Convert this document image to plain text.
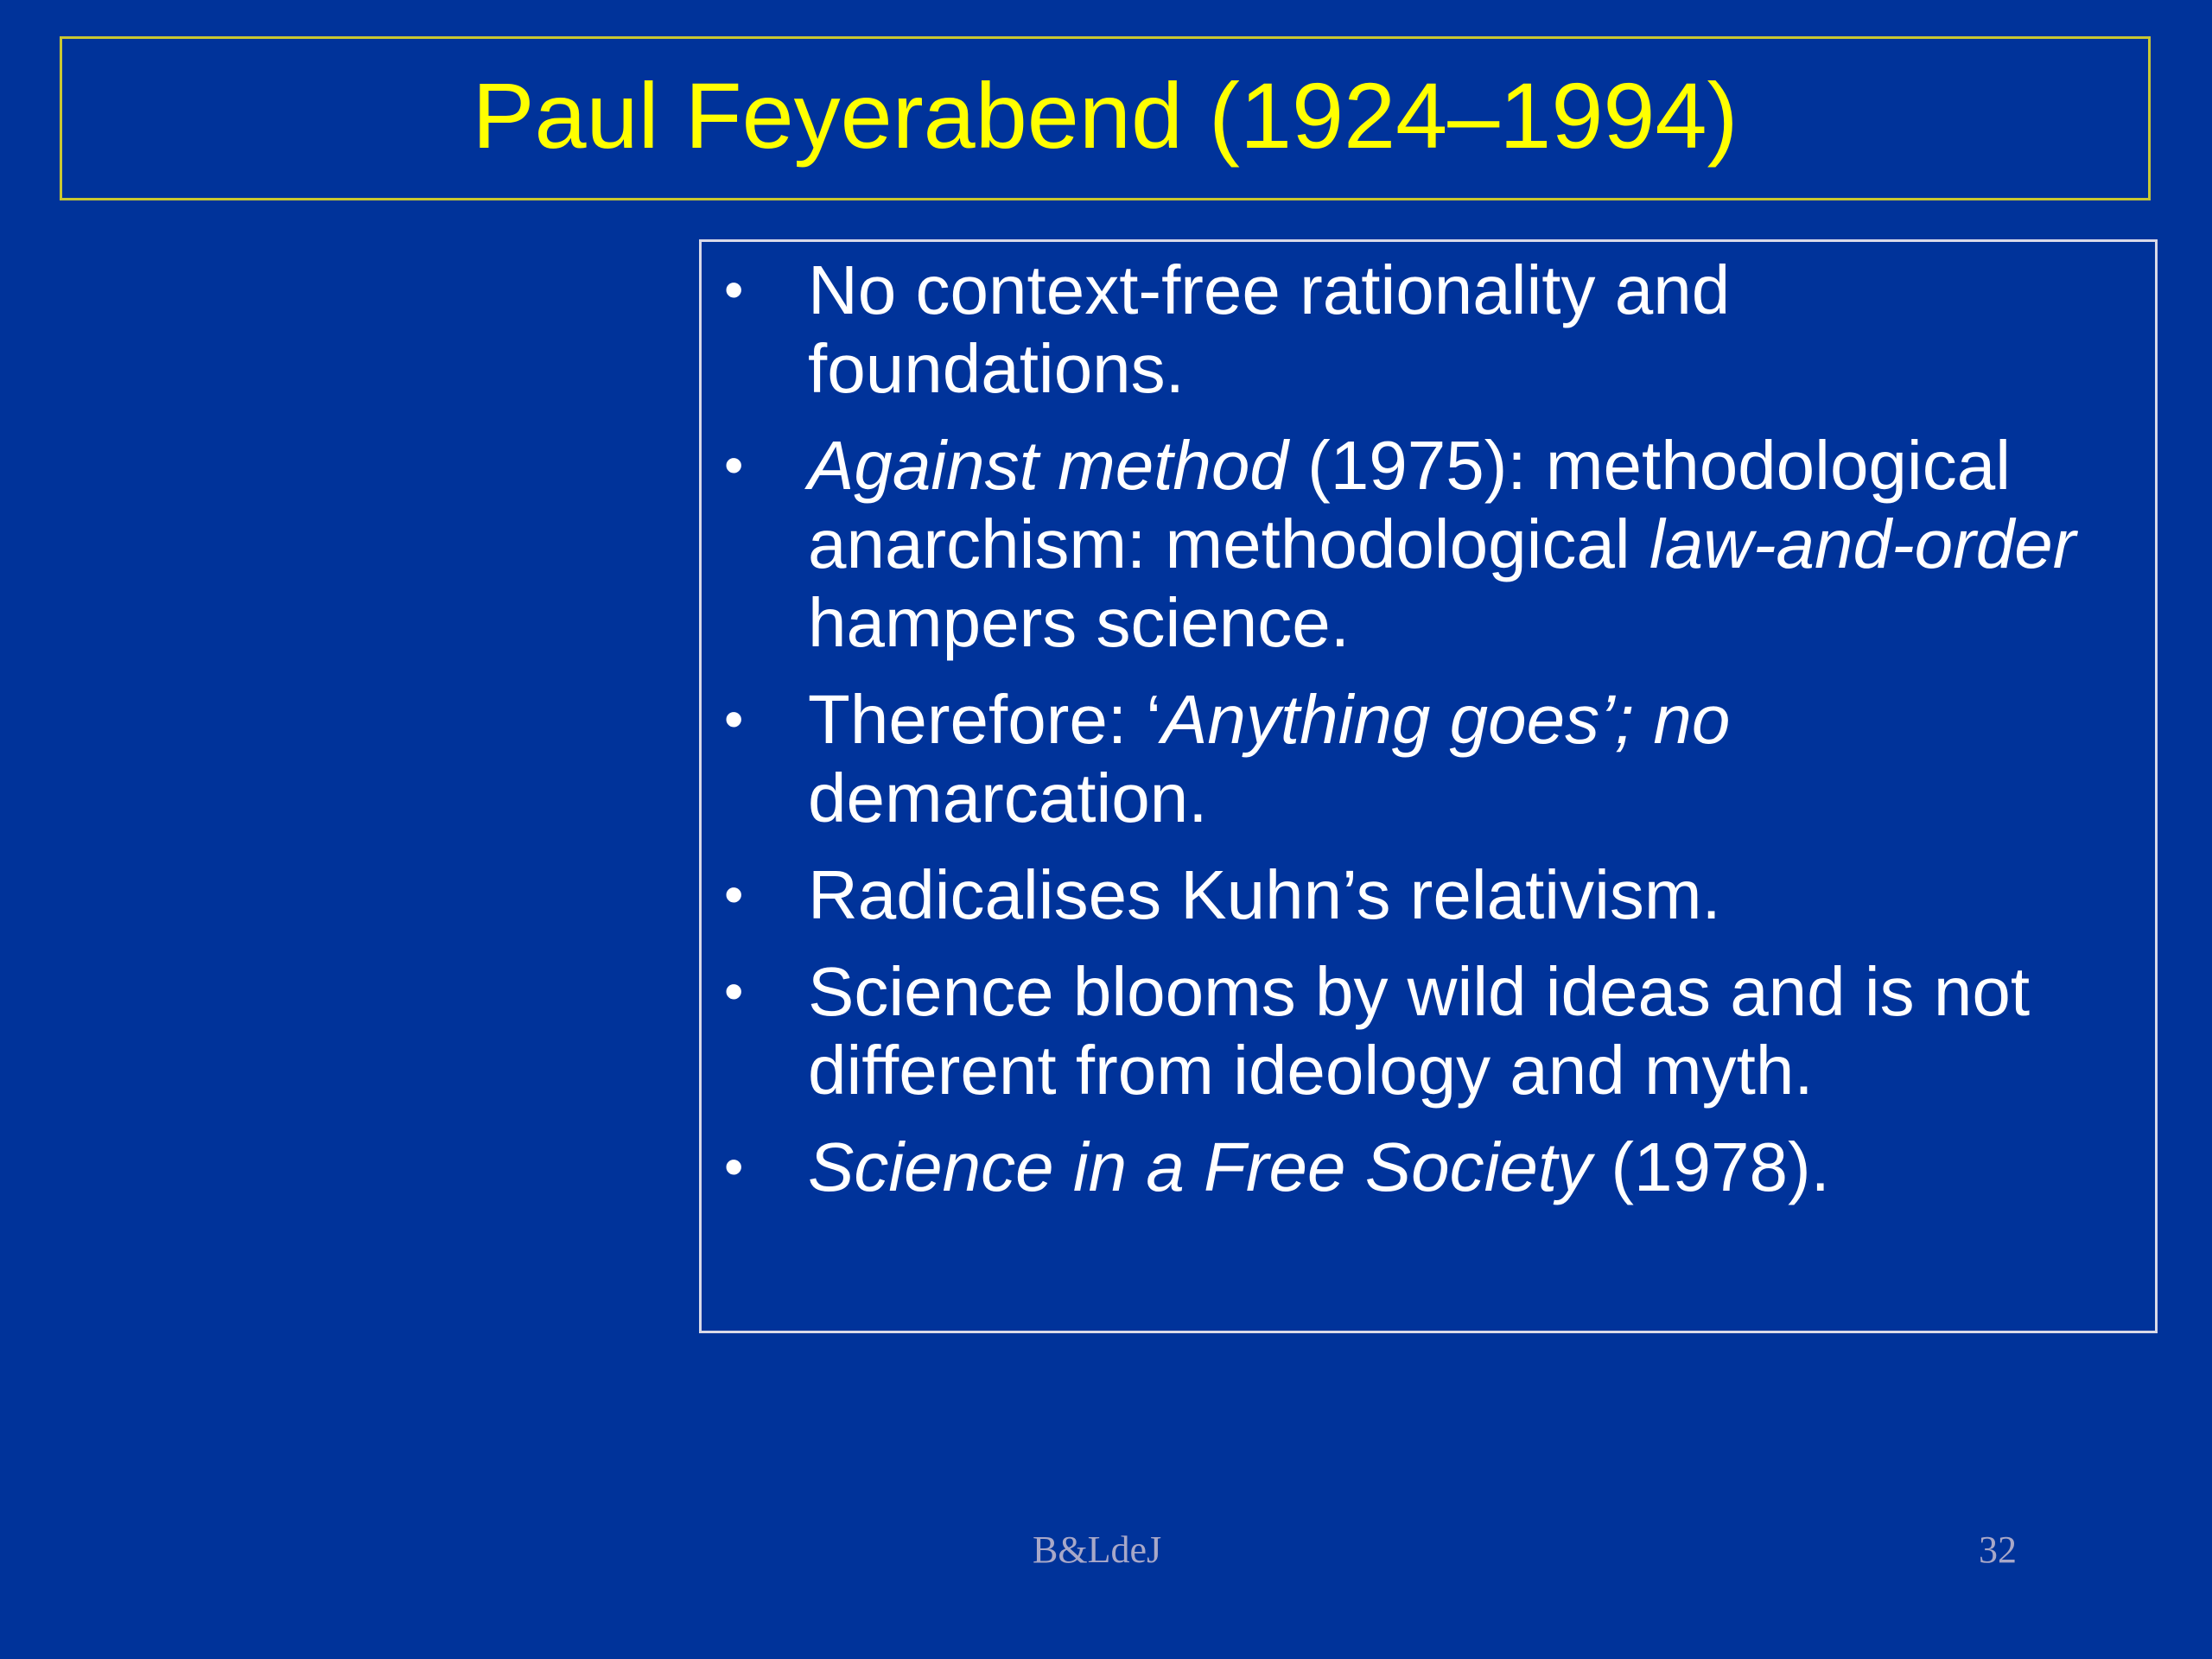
Paul Feyerabend (1924–1994)
• No context-free rationality and foundations.
• Against method (1975): methodological anarchism: methodological law-and-order hampers science.
• Therefore: ‘Anything goes’; no demarcation.
• Radicalises Kuhn’s relativism.
• Science blooms by wild ideas and is not different from ideology and myth.
• Science in a Free Society (1978).
B&LdeJ	32
